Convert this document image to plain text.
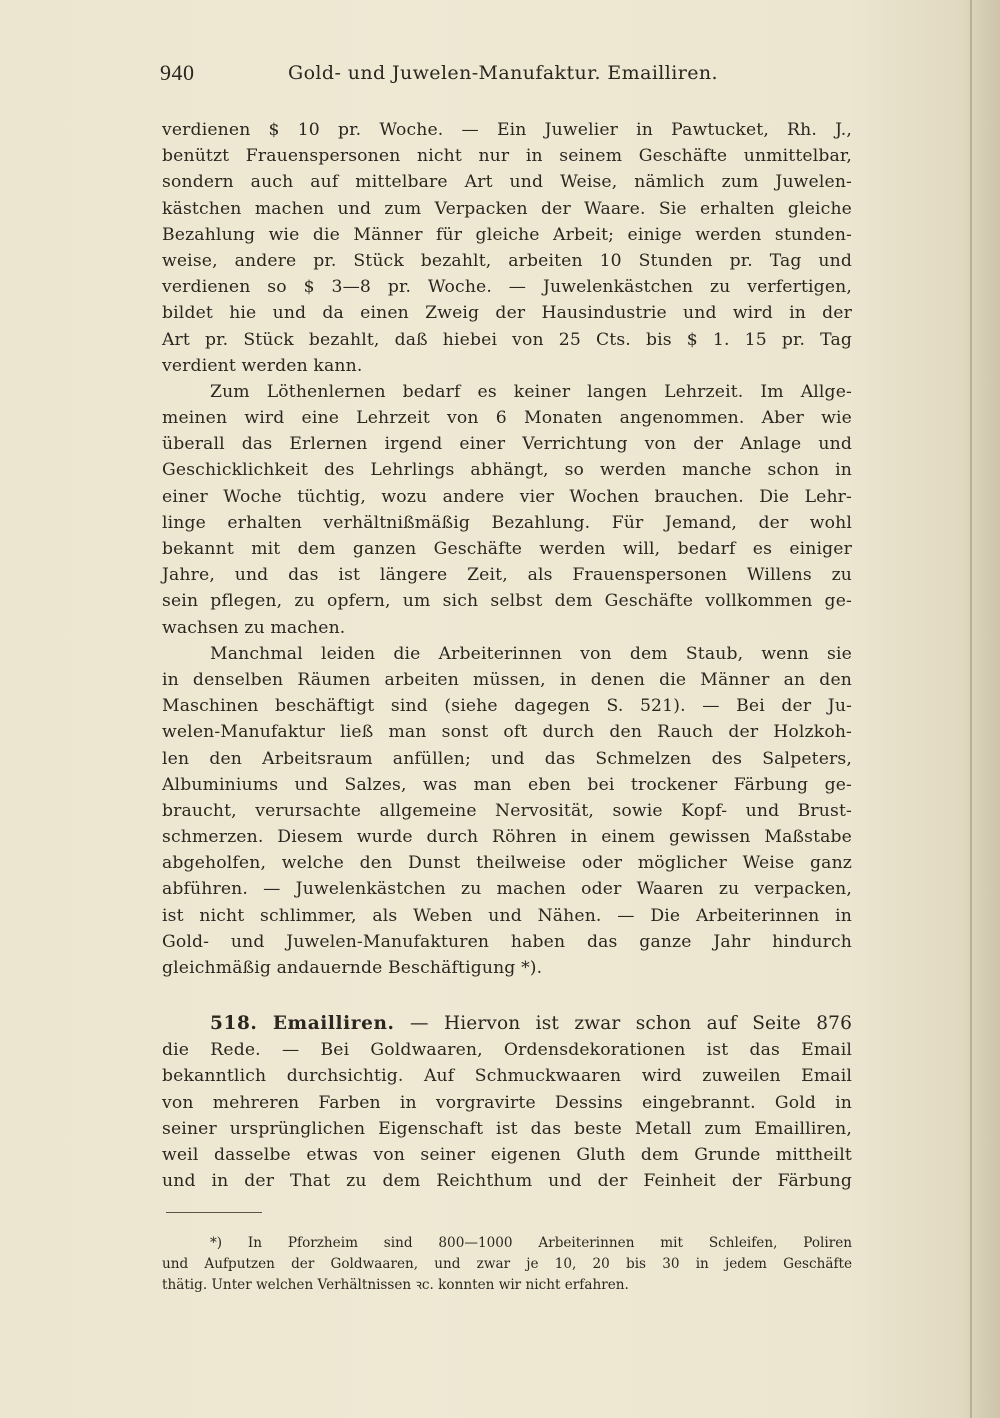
940	Gold- und Juwelen-Manufaktur. Emailliren.
verdienen $ 10 pr. Woche. — Ein Juwelier in Pawtucket, Rh. J.,
benützt Frauenspersonen nicht nur in seinem Geschäfte unmittelbar,
sondern auch auf mittelbare Art und Weise, nämlich zum Juwelen-
kästchen machen und zum Verpacken der Waare. Sie erhalten gleiche
Bezahlung wie die Männer für gleiche Arbeit; einige werden stunden-
weise, andere pr. Stück bezahlt, arbeiten 10 Stunden pr. Tag und
verdienen so $ 3—8 pr. Woche. — Juwelenkästchen zu verfertigen,
bildet hie und da einen Zweig der Hausindustrie und wird in der
Art pr. Stück bezahlt, daß hiebei von 25 Cts. bis $ 1. 15 pr. Tag
verdient werden kann.
Zum Löthenlernen bedarf es keiner langen Lehrzeit. Im Allge-
meinen wird eine Lehrzeit von 6 Monaten angenommen. Aber wie
überall das Erlernen irgend einer Verrichtung von der Anlage und
Geschicklichkeit des Lehrlings abhängt, so werden manche schon in
einer Woche tüchtig, wozu andere vier Wochen brauchen. Die Lehr-
linge erhalten verhältnißmäßig Bezahlung. Für Jemand, der wohl
bekannt mit dem ganzen Geschäfte werden will, bedarf es einiger
Jahre, und das ist längere Zeit, als Frauenspersonen Willens zu
sein pflegen, zu opfern, um sich selbst dem Geschäfte vollkommen ge-
wachsen zu machen.
Manchmal leiden die Arbeiterinnen von dem Staub, wenn sie
in denselben Räumen arbeiten müssen, in denen die Männer an den
Maschinen beschäftigt sind (siehe dagegen S. 521). — Bei der Ju-
welen-Manufaktur ließ man sonst oft durch den Rauch der Holzkoh-
len den Arbeitsraum anfüllen; und das Schmelzen des Salpeters,
Albuminiums und Salzes, was man eben bei trockener Färbung ge-
braucht, verursachte allgemeine Nervosität, sowie Kopf- und Brust-
schmerzen. Diesem wurde durch Röhren in einem gewissen Maßstabe
abgeholfen, welche den Dunst theilweise oder möglicher Weise ganz
abführen. — Juwelenkästchen zu machen oder Waaren zu verpacken,
ist nicht schlimmer, als Weben und Nähen. — Die Arbeiterinnen in
Gold- und Juwelen-Manufakturen haben das ganze Jahr hindurch
gleichmäßig andauernde Beschäftigung *).
518. Emailliren. — Hiervon ist zwar schon auf Seite 876
die Rede. — Bei Goldwaaren, Ordensdekorationen ist das Email
bekanntlich durchsichtig. Auf Schmuckwaaren wird zuweilen Email
von mehreren Farben in vorgravirte Dessins eingebrannt. Gold in
seiner ursprünglichen Eigenschaft ist das beste Metall zum Emailliren,
weil dasselbe etwas von seiner eigenen Gluth dem Grunde mittheilt
und in der That zu dem Reichthum und der Feinheit der Färbung
*) In Pforzheim sind 800—1000 Arbeiterinnen mit Schleifen, Poliren
und Aufputzen der Goldwaaren, und zwar je 10, 20 bis 30 in jedem Geschäfte
thätig. Unter welchen Verhältnissen ꝛc. konnten wir nicht erfahren.
